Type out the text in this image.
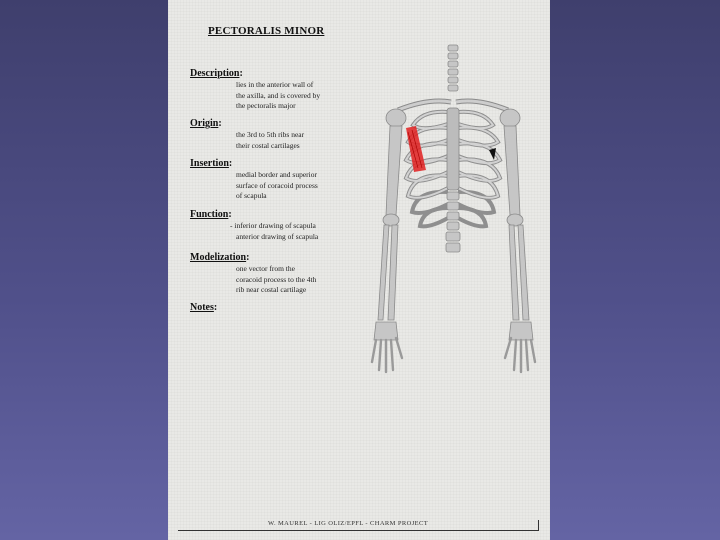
PECTORALIS MINOR
Description:
lies in the anterior wall of
the axilla, and is covered by
the pectoralis major
Origin:
the 3rd to 5th ribs near
their costal cartilages
Insertion:
medial border and superior
surface of coracoid process
of scapula
Function:
- inferior drawing of scapula
anterior drawing of scapula
Modelization:
one vector from the
coracoid process to the 4th
rib near costal cartilage
Notes:
W. MAUREL - LIG OLIZ/EPFL - CHARM PROJECT
